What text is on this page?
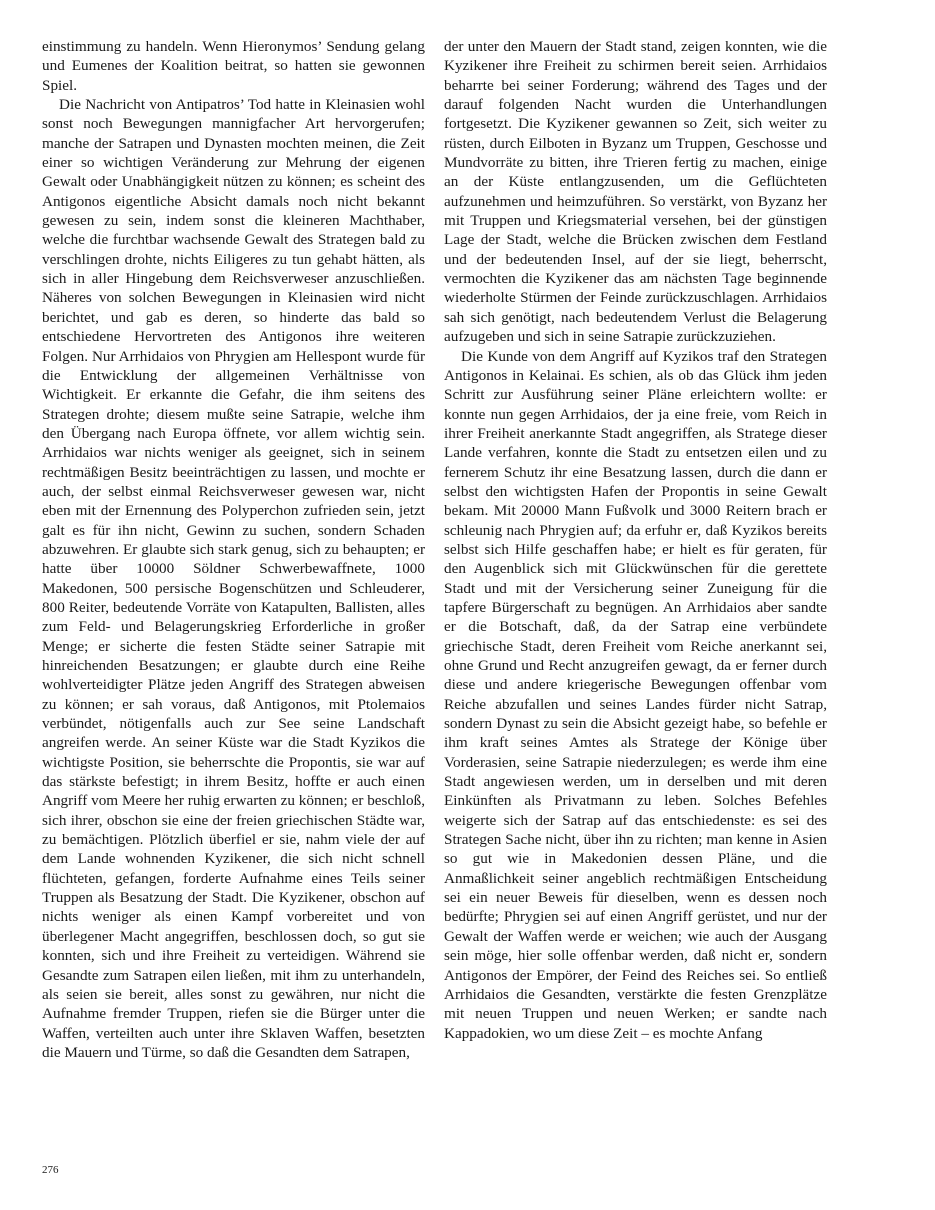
einstimmung zu handeln. Wenn Hieronymos’ Sendung gelang und Eumenes der Koalition beitrat, so hatten sie gewonnen Spiel.

Die Nachricht von Antipatros’ Tod hatte in Kleinasien wohl sonst noch Bewegungen mannigfacher Art hervorgerufen; manche der Satrapen und Dynasten mochten meinen, die Zeit einer so wichtigen Veränderung zur Mehrung der eigenen Gewalt oder Unabhängigkeit nützen zu können; es scheint des Antigonos eigentliche Absicht damals noch nicht bekannt gewesen zu sein, indem sonst die kleineren Machthaber, welche die furchtbar wachsende Gewalt des Strategen bald zu verschlingen drohte, nichts Eiligeres zu tun gehabt hätten, als sich in aller Hingebung dem Reichsverweser anzuschließen. Näheres von solchen Bewegungen in Kleinasien wird nicht berichtet, und gab es deren, so hinderte das bald so entschiedene Hervortreten des Antigonos ihre weiteren Folgen. Nur Arrhidaios von Phrygien am Hellespont wurde für die Entwicklung der allgemeinen Verhältnisse von Wichtigkeit. Er erkannte die Gefahr, die ihm seitens des Strategen drohte; diesem mußte seine Satrapie, welche ihm den Übergang nach Europa öffnete, vor allem wichtig sein. Arrhidaios war nichts weniger als geeignet, sich in seinem rechtmäßigen Besitz beeinträchtigen zu lassen, und mochte er auch, der selbst einmal Reichsverweser gewesen war, nicht eben mit der Ernennung des Polyperchon zufrieden sein, jetzt galt es für ihn nicht, Gewinn zu suchen, sondern Schaden abzuwehren. Er glaubte sich stark genug, sich zu behaupten; er hatte über 10000 Söldner Schwerbewaffnete, 1000 Makedonen, 500 persische Bogenschützen und Schleuderer, 800 Reiter, bedeutende Vorräte von Katapulten, Ballisten, alles zum Feld- und Belagerungskrieg Erforderliche in großer Menge; er sicherte die festen Städte seiner Satrapie mit hinreichenden Besatzungen; er glaubte durch eine Reihe wohlverteidigter Plätze jeden Angriff des Strategen abweisen zu können; er sah voraus, daß Antigonos, mit Ptolemaios verbündet, nötigenfalls auch zur See seine Landschaft angreifen werde. An seiner Küste war die Stadt Kyzikos die wichtigste Position, sie beherrschte die Propontis, sie war auf das stärkste befestigt; in ihrem Besitz, hoffte er auch einen Angriff vom Meere her ruhig erwarten zu können; er beschloß, sich ihrer, obschon sie eine der freien griechischen Städte war, zu bemächtigen. Plötzlich überfiel er sie, nahm viele der auf dem Lande wohnenden Kyzikener, die sich nicht schnell flüchteten, gefangen, forderte Aufnahme eines Teils seiner Truppen als Besatzung der Stadt. Die Kyzikener, obschon auf nichts weniger als einen Kampf vorbereitet und von überlegener Macht angegriffen, beschlossen doch, so gut sie konnten, sich und ihre Freiheit zu verteidigen. Während sie Gesandte zum Satrapen eilen ließen, mit ihm zu unterhandeln, als seien sie bereit, alles sonst zu gewähren, nur nicht die Aufnahme fremder Truppen, riefen sie die Bürger unter die Waffen, verteilten auch unter ihre Sklaven Waffen, besetzten die Mauern und Türme, so daß die Gesandten dem Satrapen,

der unter den Mauern der Stadt stand, zeigen konnten, wie die Kyzikener ihre Freiheit zu schirmen bereit seien. Arrhidaios beharrte bei seiner Forderung; während des Tages und der darauf folgenden Nacht wurden die Unterhandlungen fortgesetzt. Die Kyzikener gewannen so Zeit, sich weiter zu rüsten, durch Eilboten in Byzanz um Truppen, Geschosse und Mundvorräte zu bitten, ihre Trieren fertig zu machen, einige an der Küste entlangzusenden, um die Geflüchteten aufzunehmen und heimzuführen. So verstärkt, von Byzanz her mit Truppen und Kriegsmaterial versehen, bei der günstigen Lage der Stadt, welche die Brücken zwischen dem Festland und der bedeutenden Insel, auf der sie liegt, beherrscht, vermochten die Kyzikener das am nächsten Tage beginnende wiederholte Stürmen der Feinde zurückzuschlagen. Arrhidaios sah sich genötigt, nach bedeutendem Verlust die Belagerung aufzugeben und sich in seine Satrapie zurückzuziehen.

Die Kunde von dem Angriff auf Kyzikos traf den Strategen Antigonos in Kelainai. Es schien, als ob das Glück ihm jeden Schritt zur Ausführung seiner Pläne erleichtern wollte: er konnte nun gegen Arrhidaios, der ja eine freie, vom Reich in ihrer Freiheit anerkannte Stadt angegriffen, als Stratege dieser Lande verfahren, konnte die Stadt zu entsetzen eilen und zu fernerem Schutz ihr eine Besatzung lassen, durch die dann er selbst den wichtigsten Hafen der Propontis in seine Gewalt bekam. Mit 20000 Mann Fußvolk und 3000 Reitern brach er schleunig nach Phrygien auf; da erfuhr er, daß Kyzikos bereits selbst sich Hilfe geschaffen habe; er hielt es für geraten, für den Augenblick sich mit Glückwünschen für die gerettete Stadt und mit der Versicherung seiner Zuneigung für die tapfere Bürgerschaft zu begnügen. An Arrhidaios aber sandte er die Botschaft, daß, da der Satrap eine verbündete griechische Stadt, deren Freiheit vom Reiche anerkannt sei, ohne Grund und Recht anzugreifen gewagt, da er ferner durch diese und andere kriegerische Bewegungen offenbar vom Reiche abzufallen und seines Landes fürder nicht Satrap, sondern Dynast zu sein die Absicht gezeigt habe, so befehle er ihm kraft seines Amtes als Stratege der Könige über Vorderasien, seine Satrapie niederzulegen; es werde ihm eine Stadt angewiesen werden, um in derselben und mit deren Einkünften als Privatmann zu leben. Solches Befehles weigerte sich der Satrap auf das entschiedenste: es sei des Strategen Sache nicht, über ihn zu richten; man kenne in Asien so gut wie in Makedonien dessen Pläne, und die Anmaßlichkeit seiner angeblich rechtmäßigen Entscheidung sei ein neuer Beweis für dieselben, wenn es dessen noch bedürfte; Phrygien sei auf einen Angriff gerüstet, und nur der Gewalt der Waffen werde er weichen; wie auch der Ausgang sein möge, hier solle offenbar werden, daß nicht er, sondern Antigonos der Empörer, der Feind des Reiches sei. So entließ Arrhidaios die Gesandten, verstärkte die festen Grenzplätze mit neuen Truppen und neuen Werken; er sandte nach Kappadokien, wo um diese Zeit – es mochte Anfang

276
